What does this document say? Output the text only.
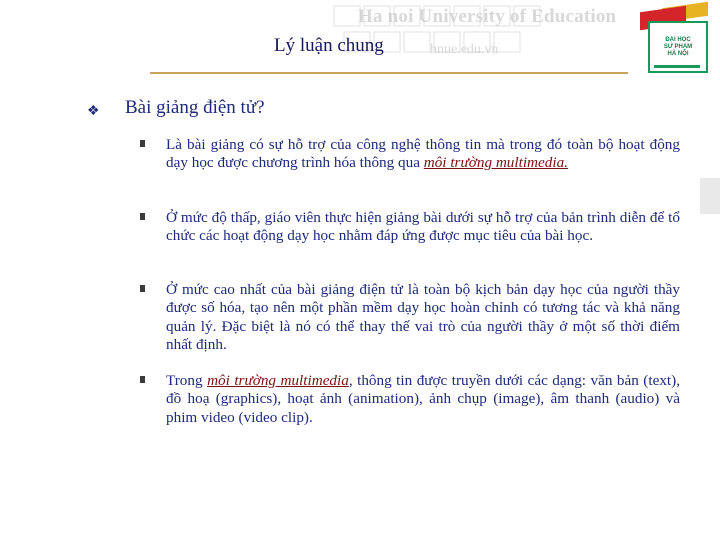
Ha noi University of Education
hnue.edu.vn
Lý luận chung	ĐẠI HỌC
SƯ PHẠM
HÀ NỘI
❖ Bài giảng điện tử?
Là bài giảng có sự hỗ trợ của công nghệ thông tin mà trong đó toàn bộ hoạt động dạy học được chương trình hóa thông qua môi trường multimedia.
Ở mức độ thấp, giáo viên thực hiện giảng bài dưới sự hỗ trợ của bản trình diễn để tổ chức các hoạt động dạy học nhằm đáp ứng được mục tiêu của bài học.
Ở mức cao nhất của bài giảng điện tử là toàn bộ kịch bản dạy học của người thầy được số hóa, tạo nên một phần mềm dạy học hoàn chỉnh có tương tác và khả năng quản lý. Đặc biệt là nó có thể thay thế vai trò của người thầy ở một số thời điểm nhất định.
Trong môi trường multimedia, thông tin được truyền dưới các dạng: văn bản (text), đồ hoạ (graphics), hoạt ảnh (animation), ảnh chụp (image), âm thanh (audio) và phim video (video clip).
